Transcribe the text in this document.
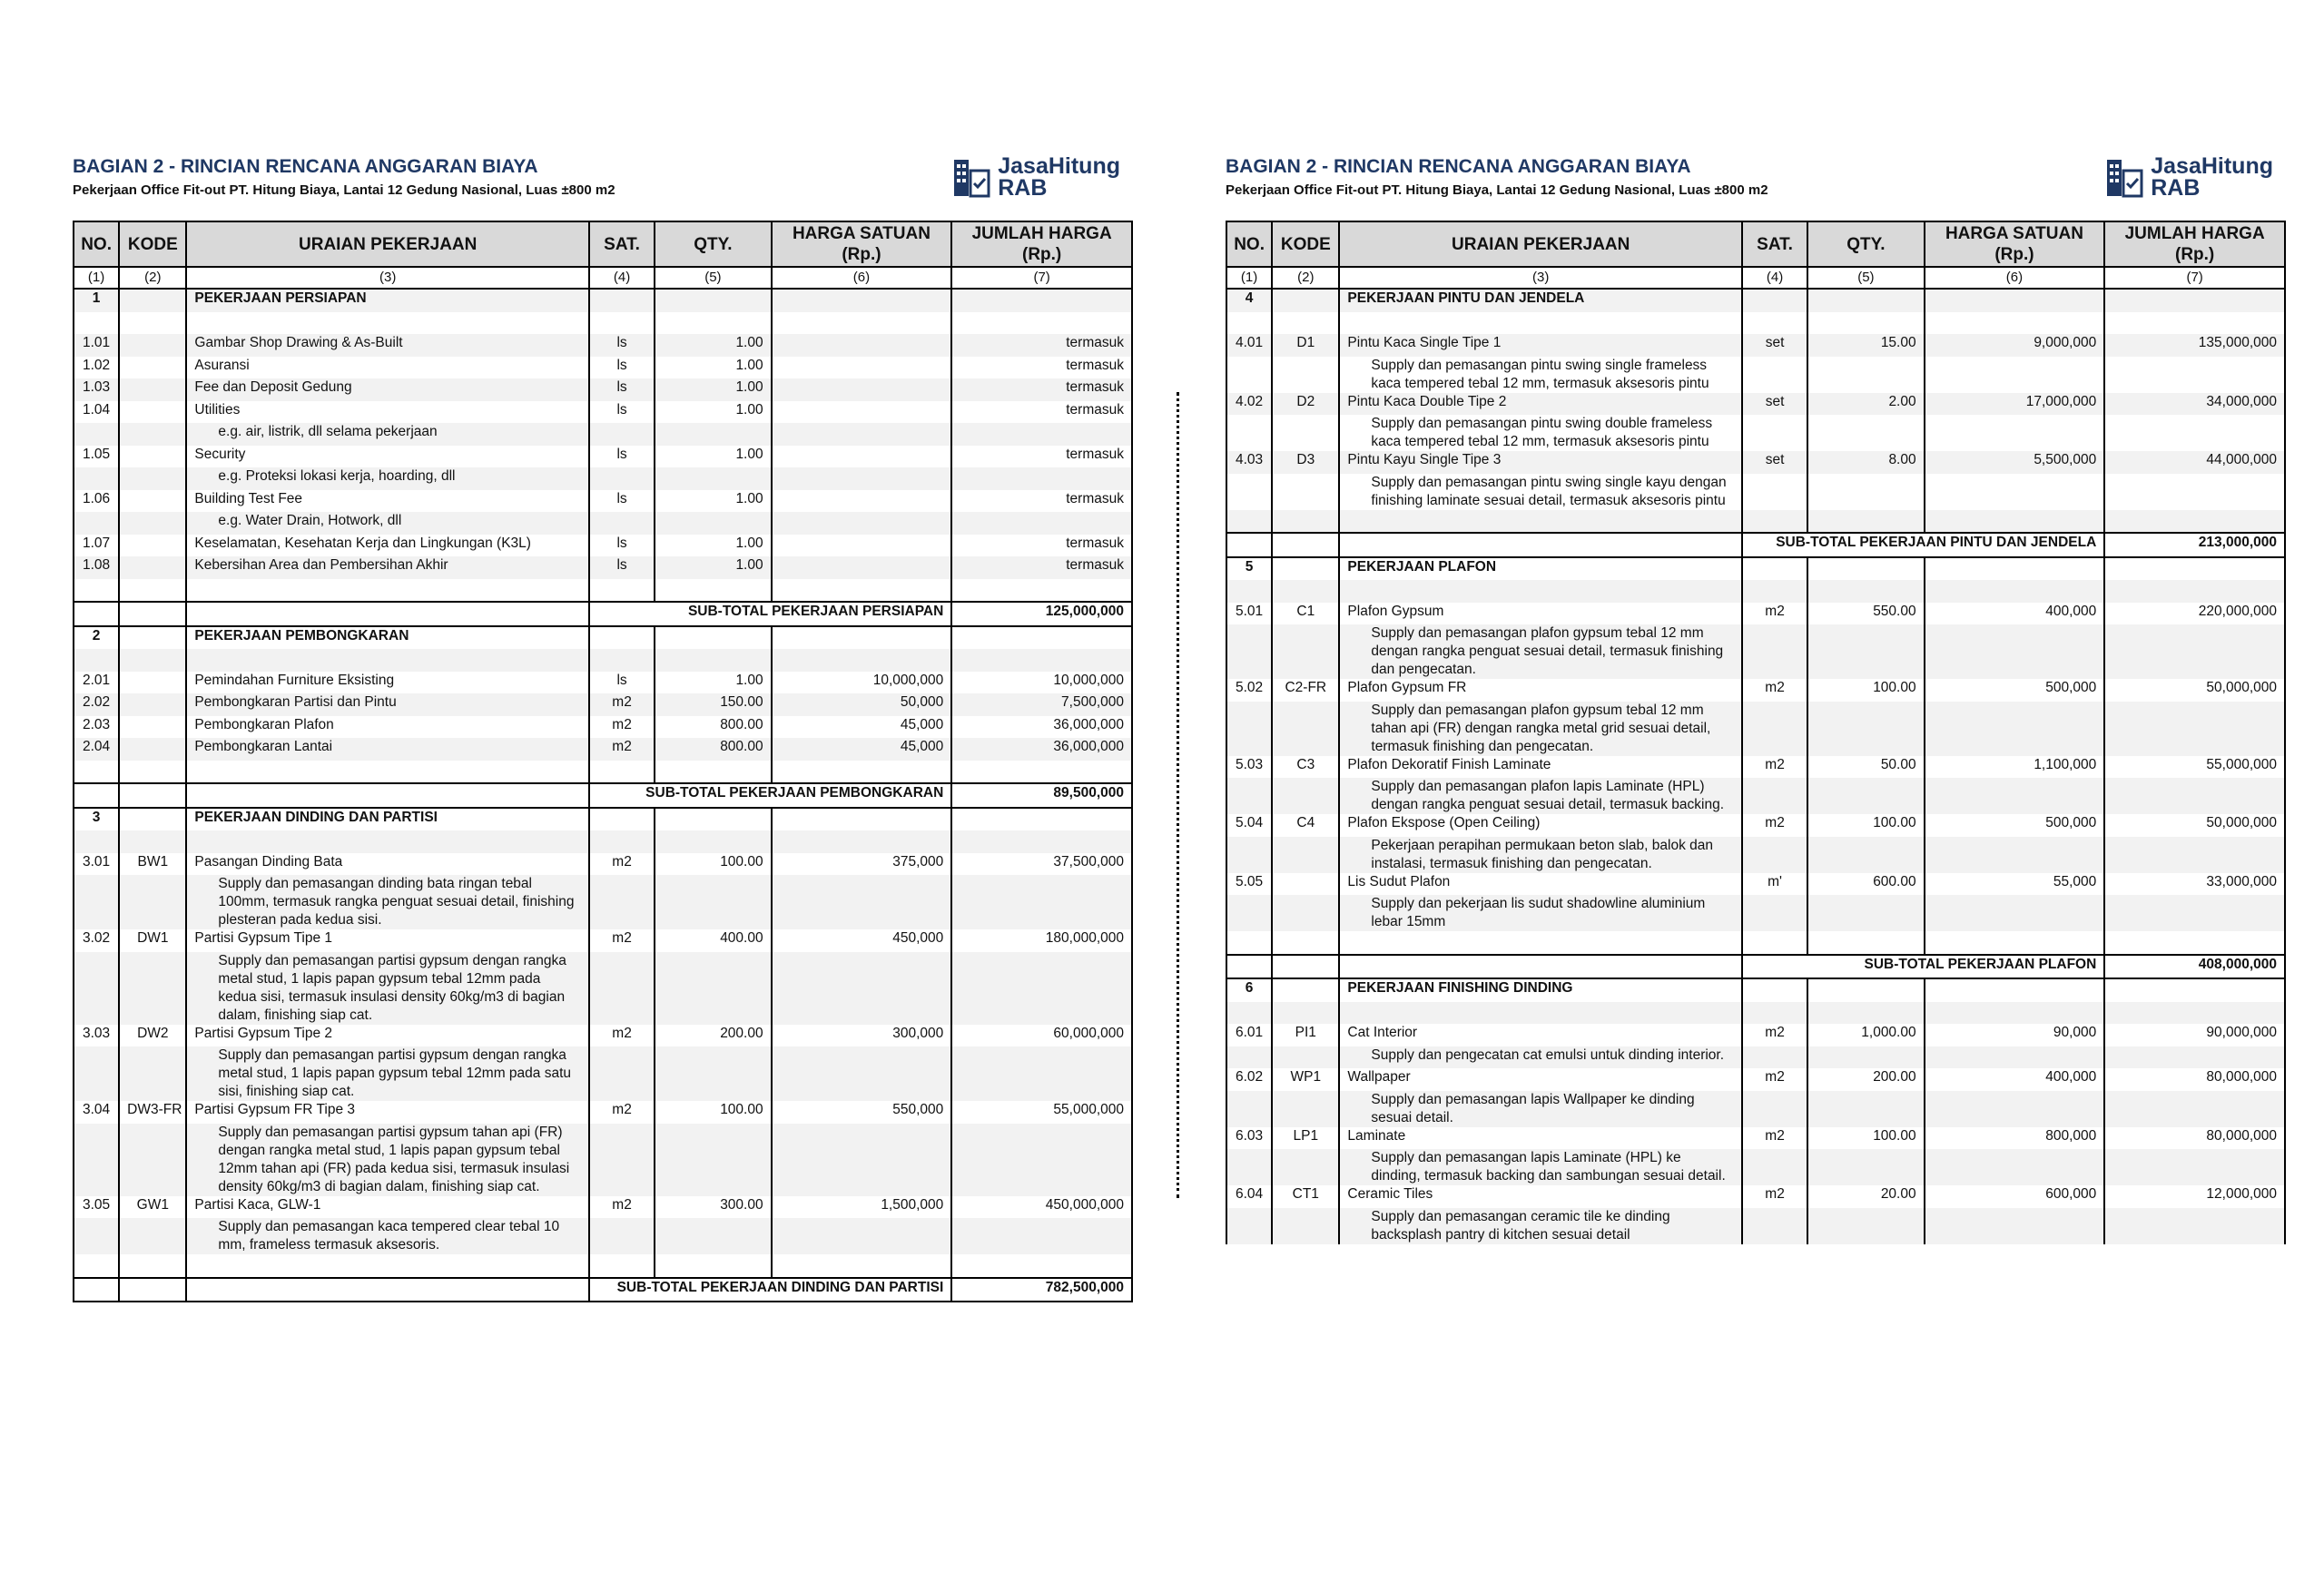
BAGIAN 2 - RINCIAN RENCANA ANGGARAN BIAYA
Pekerjaan Office Fit-out PT. Hitung Biaya, Lantai 12 Gedung Nasional, Luas ±800 m2
JasaHitung
RAB
NO.	KODE	URAIAN PEKERJAAN	SAT.	QTY.	HARGA SATUAN
(Rp.)	JUMLAH HARGA
(Rp.)
(1)	(2)	(3)	(4)	(5)	(6)	(7)
1		PEKERJAAN PERSIAPAN				

1.01		Gambar Shop Drawing & As-Built	ls	1.00		termasuk
1.02		Asuransi	ls	1.00		termasuk
1.03		Fee dan Deposit Gedung	ls	1.00		termasuk
1.04		Utilities	ls	1.00		termasuk
		e.g. air, listrik, dll selama pekerjaan				
1.05		Security	ls	1.00		termasuk
		e.g. Proteksi lokasi kerja, hoarding, dll				
1.06		Building Test Fee	ls	1.00		termasuk
		e.g. Water Drain, Hotwork, dll				
1.07		Keselamatan, Kesehatan Kerja dan Lingkungan (K3L)	ls	1.00		termasuk
1.08		Kebersihan Area dan Pembersihan Akhir	ls	1.00		termasuk

			SUB-TOTAL PEKERJAAN PERSIAPAN			125,000,000
2		PEKERJAAN PEMBONGKARAN				

2.01		Pemindahan Furniture Eksisting	ls	1.00	10,000,000	10,000,000
2.02		Pembongkaran Partisi dan Pintu	m2	150.00	50,000	7,500,000
2.03		Pembongkaran Plafon	m2	800.00	45,000	36,000,000
2.04		Pembongkaran Lantai	m2	800.00	45,000	36,000,000

			SUB-TOTAL PEKERJAAN PEMBONGKARAN			89,500,000
3		PEKERJAAN DINDING DAN PARTISI				

3.01	BW1	Pasangan Dinding Bata	m2	100.00	375,000	37,500,000
		Supply dan pemasangan dinding bata ringan tebal 100mm, termasuk rangka penguat sesuai detail, finishing plesteran pada kedua sisi.				
3.02	DW1	Partisi Gypsum Tipe 1	m2	400.00	450,000	180,000,000
		Supply dan pemasangan partisi gypsum dengan rangka metal stud, 1 lapis papan gypsum tebal 12mm pada kedua sisi, termasuk insulasi density 60kg/m3 di bagian dalam, finishing siap cat.				
3.03	DW2	Partisi Gypsum Tipe 2	m2	200.00	300,000	60,000,000
		Supply dan pemasangan partisi gypsum dengan rangka metal stud, 1 lapis papan gypsum tebal 12mm pada satu sisi, finishing siap cat.				
3.04	DW3-FR	Partisi Gypsum FR Tipe 3	m2	100.00	550,000	55,000,000
		Supply dan pemasangan partisi gypsum tahan api (FR) dengan rangka metal stud, 1 lapis papan gypsum tebal 12mm tahan api (FR) pada kedua sisi, termasuk insulasi density 60kg/m3 di bagian dalam, finishing siap cat.				
3.05	GW1	Partisi Kaca, GLW-1	m2	300.00	1,500,000	450,000,000
		Supply dan pemasangan kaca tempered clear tebal 10 mm, frameless termasuk aksesoris.				

			SUB-TOTAL PEKERJAAN DINDING DAN PARTISI			782,500,000
BAGIAN 2 - RINCIAN RENCANA ANGGARAN BIAYA
Pekerjaan Office Fit-out PT. Hitung Biaya, Lantai 12 Gedung Nasional, Luas ±800 m2
JasaHitung
RAB
NO.	KODE	URAIAN PEKERJAAN	SAT.	QTY.	HARGA SATUAN
(Rp.)	JUMLAH HARGA
(Rp.)
(1)	(2)	(3)	(4)	(5)	(6)	(7)
4		PEKERJAAN PINTU DAN JENDELA				

4.01	D1	Pintu Kaca Single Tipe 1	set	15.00	9,000,000	135,000,000
		Supply dan pemasangan pintu swing single frameless kaca tempered tebal 12 mm, termasuk aksesoris pintu				
4.02	D2	Pintu Kaca Double Tipe 2	set	2.00	17,000,000	34,000,000
		Supply dan pemasangan pintu swing double frameless kaca tempered tebal 12 mm, termasuk aksesoris pintu				
4.03	D3	Pintu Kayu Single Tipe 3	set	8.00	5,500,000	44,000,000
		Supply dan pemasangan pintu swing single kayu dengan finishing laminate sesuai detail, termasuk aksesoris pintu				

			SUB-TOTAL PEKERJAAN PINTU DAN JENDELA			213,000,000
5		PEKERJAAN PLAFON				

5.01	C1	Plafon Gypsum	m2	550.00	400,000	220,000,000
		Supply dan pemasangan plafon gypsum tebal 12 mm dengan rangka penguat sesuai detail, termasuk finishing dan pengecatan.				
5.02	C2-FR	Plafon Gypsum FR	m2	100.00	500,000	50,000,000
		Supply dan pemasangan plafon gypsum tebal 12 mm tahan api (FR) dengan rangka metal grid sesuai detail, termasuk finishing dan pengecatan.				
5.03	C3	Plafon Dekoratif Finish Laminate	m2	50.00	1,100,000	55,000,000
		Supply dan pemasangan plafon lapis Laminate (HPL) dengan rangka penguat sesuai detail, termasuk backing.				
5.04	C4	Plafon Ekspose (Open Ceiling)	m2	100.00	500,000	50,000,000
		Pekerjaan perapihan permukaan beton slab, balok dan instalasi, termasuk finishing dan pengecatan.				
5.05		Lis Sudut Plafon	m'	600.00	55,000	33,000,000
		Supply dan pekerjaan lis sudut shadowline aluminium lebar 15mm				

			SUB-TOTAL PEKERJAAN PLAFON			408,000,000
6		PEKERJAAN FINISHING DINDING				

6.01	PI1	Cat Interior	m2	1,000.00	90,000	90,000,000
		Supply dan pengecatan cat emulsi untuk dinding interior.				
6.02	WP1	Wallpaper	m2	200.00	400,000	80,000,000
		Supply dan pemasangan lapis Wallpaper ke dinding sesuai detail.				
6.03	LP1	Laminate	m2	100.00	800,000	80,000,000
		Supply dan pemasangan lapis Laminate (HPL) ke dinding, termasuk backing dan sambungan sesuai detail.				
6.04	CT1	Ceramic Tiles	m2	20.00	600,000	12,000,000
		Supply dan pemasangan ceramic tile ke dinding backsplash pantry di kitchen sesuai detail				
